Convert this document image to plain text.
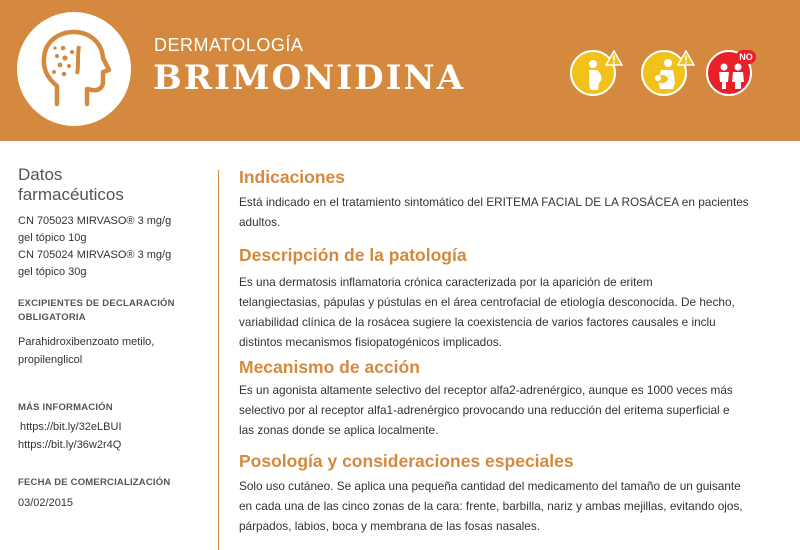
DERMATOLOGÍA
BRIMONIDINA
NO
Datos
farmacéuticos

CN 705023 MIRVASO® 3 mg/g

gel tópico 10g

CN 705024 MIRVASO® 3 mg/g

gel tópico 30g

EXCIPIENTES DE DECLARACIÓN

OBLIGATORIA

Parahidroxibenzoato metilo,

propilenglicol

MÁS INFORMACIÓN

https://bit.ly/32eLBUI

https://bit.ly/36w2r4Q

FECHA DE COMERCIALIZACIÓN

03/02/2015

Indicaciones

Está indicado en el tratamiento sintomático del ERITEMA FACIAL DE LA ROSÁCEA en pacientes

adultos.

Descripción de la patología

Es una dermatosis inflamatoria crónica caracterizada por la aparición de eritem

telangiectasias, pápulas y pústulas en el área centrofacial de etiología desconocida. De hecho,

variabilidad clínica de la rosácea sugiere la coexistencia de varios factores causales e inclu

distintos mecanismos fisiopatogénicos implicados.

Mecanismo de acción

Es un agonista altamente selectivo del receptor alfa2-adrenérgico, aunque es 1000 veces más

selectivo por al receptor alfa1-adrenérgico provocando una reducción del eritema superficial e

las zonas donde se aplica localmente.

Posología y consideraciones especiales

Solo uso cutáneo. Se aplica una pequeña cantidad del medicamento del tamaño de un guisante

en cada una de las cinco zonas de la cara: frente, barbilla, nariz y ambas mejillas, evitando ojos,

párpados, labios, boca y membrana de las fosas nasales.
